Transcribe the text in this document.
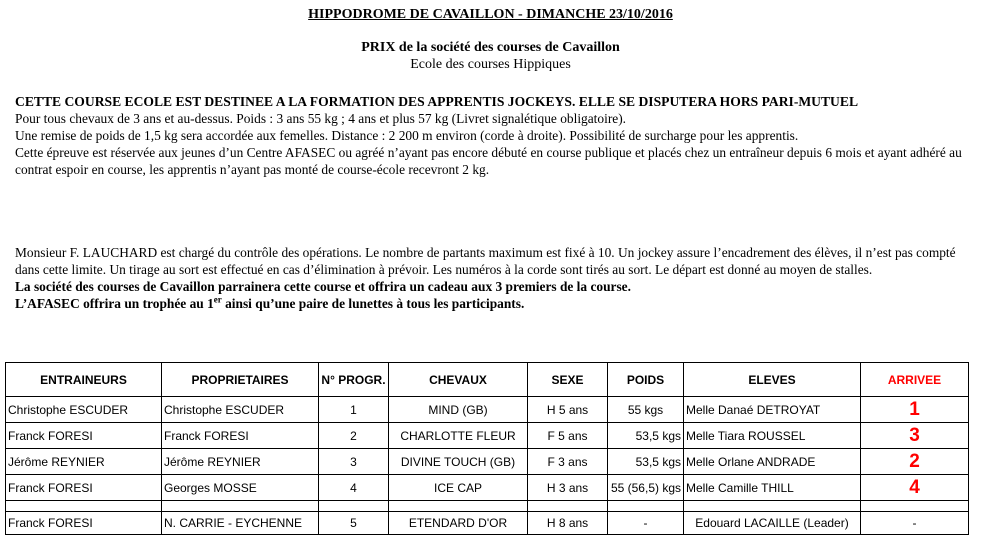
HIPPODROME DE CAVAILLON - DIMANCHE 23/10/2016
PRIX de la société des courses de Cavaillon
Ecole des courses Hippiques

CETTE COURSE ECOLE EST DESTINEE A LA FORMATION DES APPRENTIS JOCKEYS. ELLE SE DISPUTERA HORS PARI-MUTUEL

Pour tous chevaux de 3 ans et au-dessus. Poids : 3 ans 55 kg ; 4 ans et plus 57 kg (Livret signalétique obligatoire).

Une remise de poids de 1,5 kg sera accordée aux femelles. Distance : 2 200 m environ (corde à droite). Possibilité de surcharge pour les apprentis.

Cette épreuve est réservée aux jeunes d’un Centre AFASEC ou agréé n’ayant pas encore débuté en course publique et placés chez un entraîneur depuis 6 mois et ayant adhéré au contrat espoir en course, les apprentis n’ayant pas monté de course-école recevront 2 kg.

Monsieur F. LAUCHARD est chargé du contrôle des opérations. Le nombre de partants maximum est fixé à 10. Un jockey assure l’encadrement des élèves, il n’est pas compté dans cette limite. Un tirage au sort est effectué en cas d’élimination à prévoir. Les numéros à la corde sont tirés au sort. Le départ est donné au moyen de stalles.

La société des courses de Cavaillon parrainera cette course et offrira un cadeau aux 3 premiers de la course.

L’AFASEC offrira un trophée au 1er ainsi qu’une paire de lunettes à tous les participants.

ENTRAINEURS	PROPRIETAIRES	N° PROGR.	CHEVAUX	SEXE	POIDS	ELEVES	ARRIVEE
Christophe ESCUDER	Christophe ESCUDER	1	MIND (GB)	H 5 ans	55 kgs	Melle Danaé DETROYAT	1
Franck FORESI	Franck FORESI	2	CHARLOTTE FLEUR	F 5 ans	53,5 kgs	Melle Tiara ROUSSEL	3
Jérôme REYNIER	Jérôme REYNIER	3	DIVINE TOUCH (GB)	F 3 ans	53,5 kgs	Melle Orlane ANDRADE	2
Franck FORESI	Georges MOSSE	4	ICE CAP	H 3 ans	55 (56,5) kgs	Melle Camille THILL	4

Franck FORESI	N. CARRIE - EYCHENNE	5	ETENDARD D'OR	H 8 ans	-	Edouard LACAILLE (Leader)	-
